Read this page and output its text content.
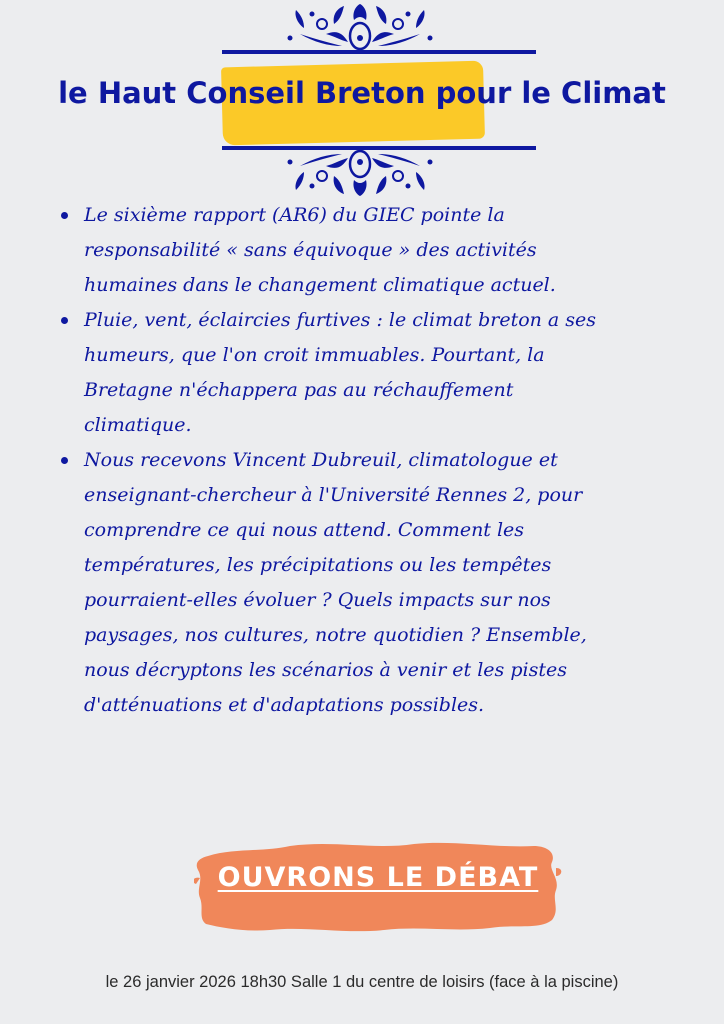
le Haut Conseil Breton pour le Climat
Le sixième rapport (AR6) du GIEC pointe la
responsabilité « sans équivoque » des activités
humaines dans le changement climatique actuel.
Pluie, vent, éclaircies furtives : le climat breton a ses
humeurs, que l'on croit immuables. Pourtant, la
Bretagne n'échappera pas au réchauffement
climatique.
Nous recevons Vincent Dubreuil, climatologue et
enseignant-chercheur à l'Université Rennes 2, pour
comprendre ce qui nous attend. Comment les
températures, les précipitations ou les tempêtes
pourraient-elles évoluer ? Quels impacts sur nos
paysages, nos cultures, notre quotidien ? Ensemble,
nous décryptons les scénarios à venir et les pistes
d'atténuations et d'adaptations possibles.
OUVRONS LE DÉBAT
le 26 janvier 2026 18h30 Salle 1 du centre de loisirs (face à la piscine)
